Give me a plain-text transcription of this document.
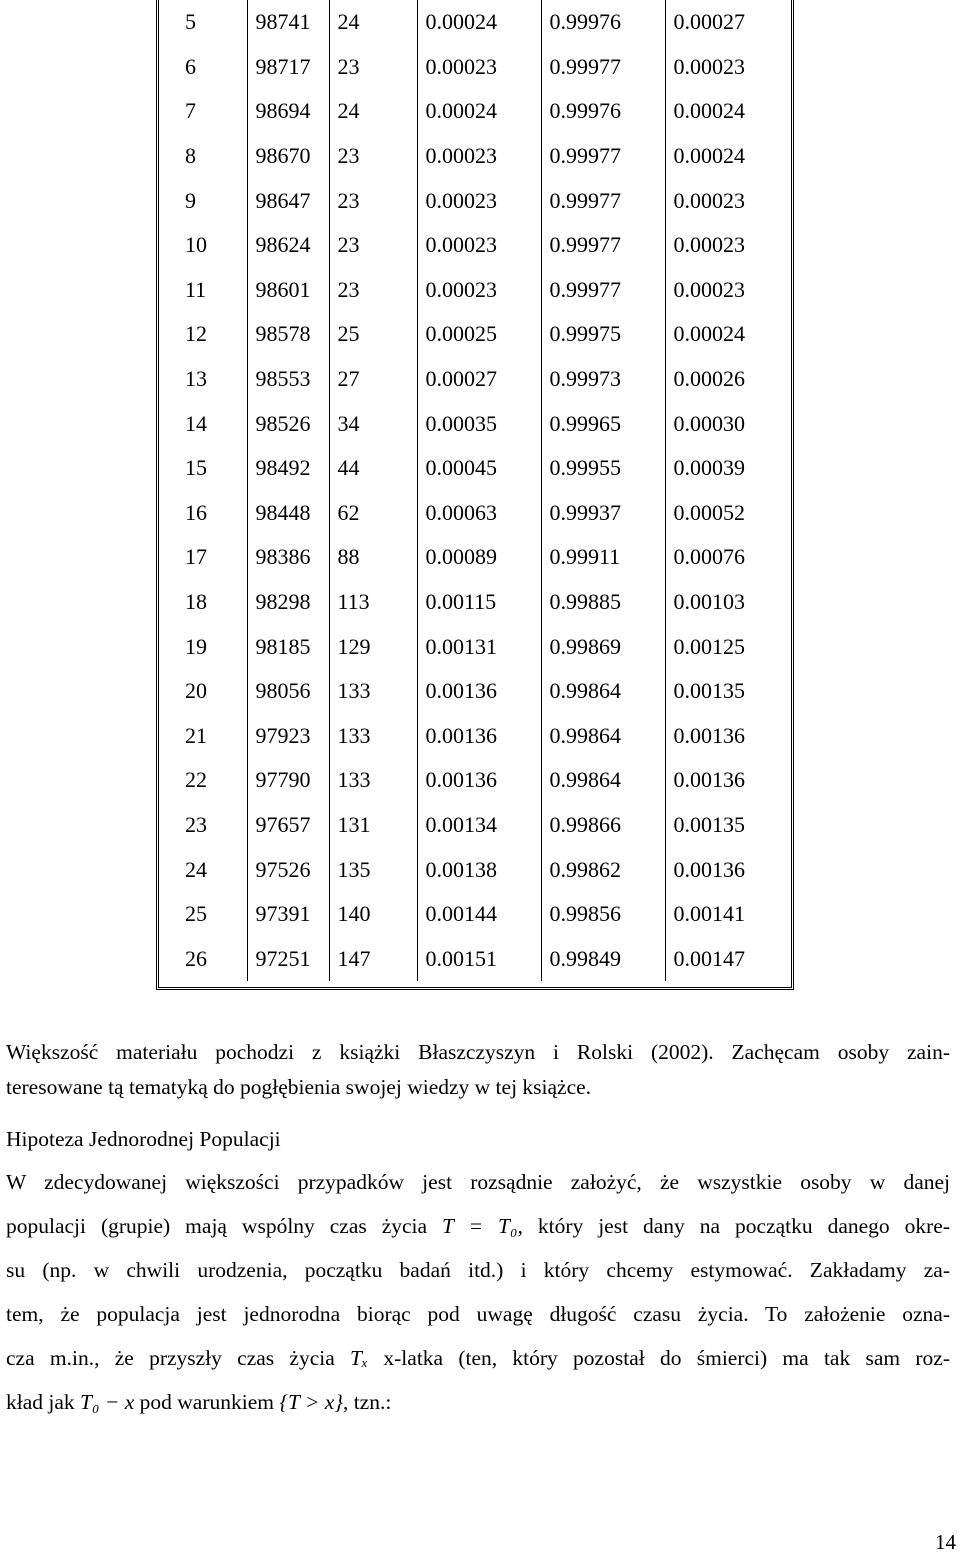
5	98741	24	0.00024	0.99976	0.00027
6	98717	23	0.00023	0.99977	0.00023
7	98694	24	0.00024	0.99976	0.00024
8	98670	23	0.00023	0.99977	0.00024
9	98647	23	0.00023	0.99977	0.00023
10	98624	23	0.00023	0.99977	0.00023
11	98601	23	0.00023	0.99977	0.00023
12	98578	25	0.00025	0.99975	0.00024
13	98553	27	0.00027	0.99973	0.00026
14	98526	34	0.00035	0.99965	0.00030
15	98492	44	0.00045	0.99955	0.00039
16	98448	62	0.00063	0.99937	0.00052
17	98386	88	0.00089	0.99911	0.00076
18	98298	113	0.00115	0.99885	0.00103
19	98185	129	0.00131	0.99869	0.00125
20	98056	133	0.00136	0.99864	0.00135
21	97923	133	0.00136	0.99864	0.00136
22	97790	133	0.00136	0.99864	0.00136
23	97657	131	0.00134	0.99866	0.00135
24	97526	135	0.00138	0.99862	0.00136
25	97391	140	0.00144	0.99856	0.00141
26	97251	147	0.00151	0.99849	0.00147
Większość materiału pochodzi z książki Błaszczyszyn i Rolski (2002). Zachęcam osoby zain-
teresowane tą tematyką do pogłębienia swojej wiedzy w tej książce.
Hipoteza Jednorodnej Populacji
W zdecydowanej większości przypadków jest rozsądnie założyć, że wszystkie osoby w danej
populacji (grupie) mają wspólny czas życia T = T₀, który jest dany na początku danego okre-
su (np. w chwili urodzenia, początku badań itd.) i który chcemy estymować. Zakładamy za-
tem, że populacja jest jednorodna biorąc pod uwagę długość czasu życia. To założenie ozna-
cza m.in., że przyszły czas życia Tₓ x-latka (ten, który pozostał do śmierci) ma tak sam roz-
kład jak T₀ − x pod warunkiem {T > x}, tzn.:
14
